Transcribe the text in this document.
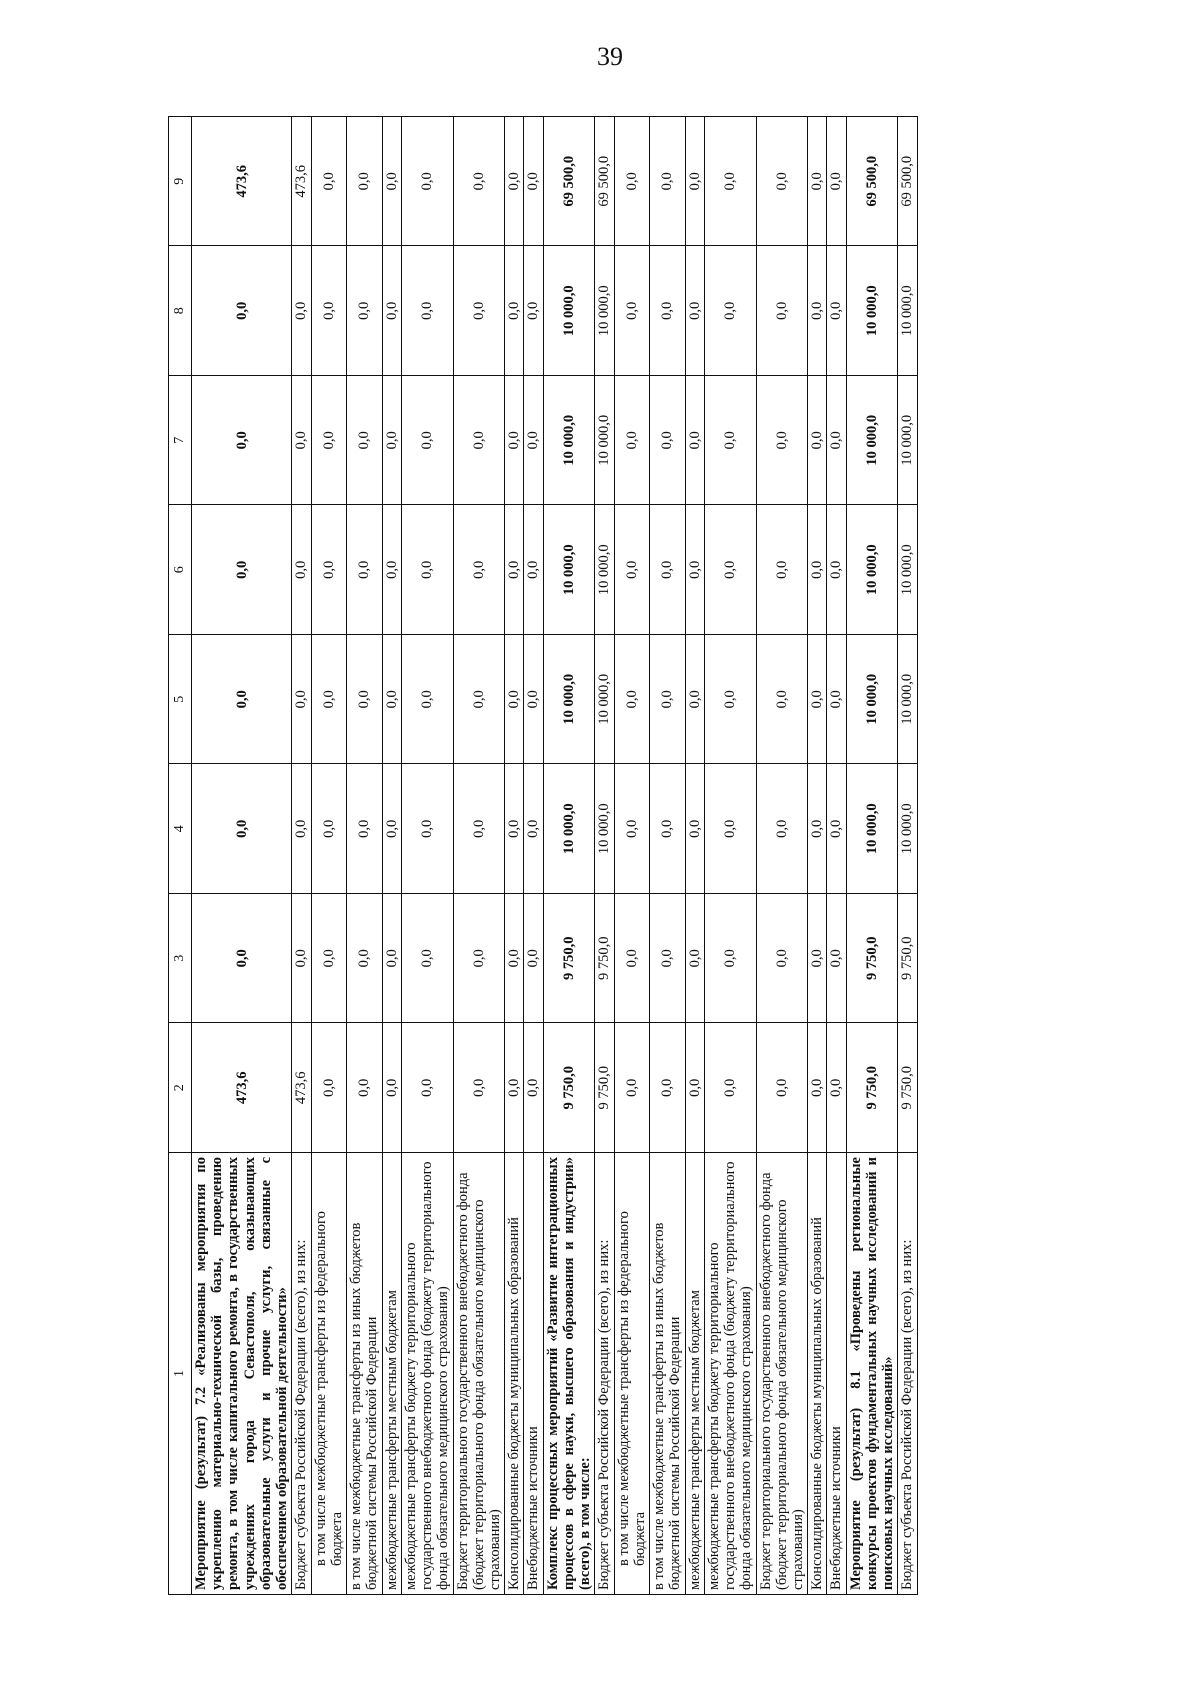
39
1	2	3	4	5	6	7	8	9
Мероприятие (результат) 7.2 «Реализованы мероприятия по укреплению материально-технической базы, проведению ремонта, в том числе капитального ремонта, в государственных учреждениях города Севастополя, оказывающих образовательные услуги и прочие услуги, связанные с обеспечением образовательной деятельности»	473,6	0,0	0,0	0,0	0,0	0,0	0,0	473,6
Бюджет субъекта Российской Федерации (всего), из них:	473,6	0,0	0,0	0,0	0,0	0,0	0,0	473,6
в том числе межбюджетные трансферты из федерального бюджета	0,0	0,0	0,0	0,0	0,0	0,0	0,0	0,0
в том числе межбюджетные трансферты из иных бюджетов бюджетной системы Российской Федерации	0,0	0,0	0,0	0,0	0,0	0,0	0,0	0,0
межбюджетные трансферты местным бюджетам	0,0	0,0	0,0	0,0	0,0	0,0	0,0	0,0
межбюджетные трансферты бюджету территориального государственного внебюджетного фонда (бюджету территориального фонда обязательного медицинского страхования)	0,0	0,0	0,0	0,0	0,0	0,0	0,0	0,0
Бюджет территориального государственного внебюджетного фонда (бюджет территориального фонда обязательного медицинского страхования)	0,0	0,0	0,0	0,0	0,0	0,0	0,0	0,0
Консолидированные бюджеты муниципальных образований	0,0	0,0	0,0	0,0	0,0	0,0	0,0	0,0
Внебюджетные источники	0,0	0,0	0,0	0,0	0,0	0,0	0,0	0,0
Комплекс процессных мероприятий «Развитие интеграционных процессов в сфере науки, высшего образования и индустрии» (всего), в том числе:	9 750,0	9 750,0	10 000,0	10 000,0	10 000,0	10 000,0	10 000,0	69 500,0
Бюджет субъекта Российской Федерации (всего), из них:	9 750,0	9 750,0	10 000,0	10 000,0	10 000,0	10 000,0	10 000,0	69 500,0
в том числе межбюджетные трансферты из федерального бюджета	0,0	0,0	0,0	0,0	0,0	0,0	0,0	0,0
в том числе межбюджетные трансферты из иных бюджетов бюджетной системы Российской Федерации	0,0	0,0	0,0	0,0	0,0	0,0	0,0	0,0
межбюджетные трансферты местным бюджетам	0,0	0,0	0,0	0,0	0,0	0,0	0,0	0,0
межбюджетные трансферты бюджету территориального государственного внебюджетного фонда (бюджету территориального фонда обязательного медицинского страхования)	0,0	0,0	0,0	0,0	0,0	0,0	0,0	0,0
Бюджет территориального государственного внебюджетного фонда (бюджет территориального фонда обязательного медицинского страхования)	0,0	0,0	0,0	0,0	0,0	0,0	0,0	0,0
Консолидированные бюджеты муниципальных образований	0,0	0,0	0,0	0,0	0,0	0,0	0,0	0,0
Внебюджетные источники	0,0	0,0	0,0	0,0	0,0	0,0	0,0	0,0
Мероприятие (результат) 8.1 «Проведены региональные конкурсы проектов фундаментальных научных исследований и поисковых научных исследований»	9 750,0	9 750,0	10 000,0	10 000,0	10 000,0	10 000,0	10 000,0	69 500,0
Бюджет субъекта Российской Федерации (всего), из них:	9 750,0	9 750,0	10 000,0	10 000,0	10 000,0	10 000,0	10 000,0	69 500,0
